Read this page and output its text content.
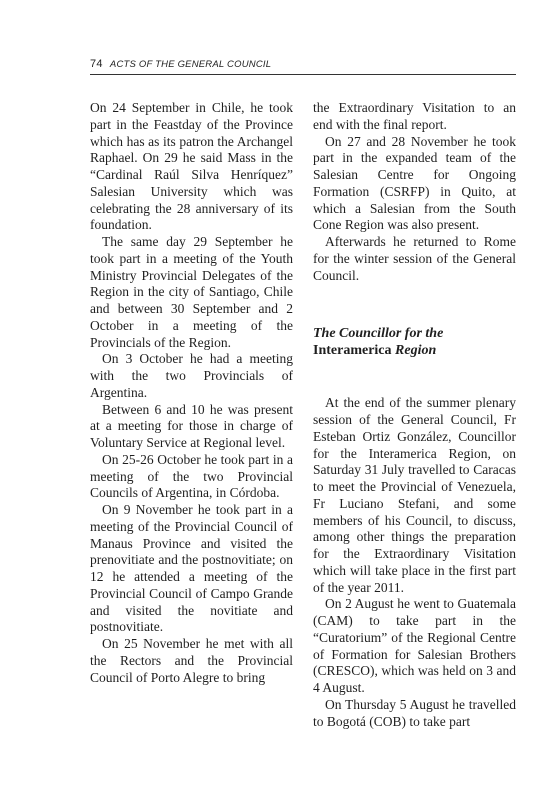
74 ACTS OF THE GENERAL COUNCIL

On 24 September in Chile, he took part in the Feastday of the Province which has as its patron the Archangel Raphael. On 29 he said Mass in the “Cardinal Raúl Silva Henríquez” Salesian University which was celebrating the 28 anniversary of its foundation.

The same day 29 September he took part in a meeting of the Youth Ministry Provincial Delegates of the Region in the city of Santiago, Chile and between 30 September and 2 October in a meeting of the Provincials of the Region.

On 3 October he had a meeting with the two Provincials of Argentina.

Between 6 and 10 he was present at a meeting for those in charge of Voluntary Service at Regional level.

On 25-26 October he took part in a meeting of the two Provincial Councils of Argentina, in Córdoba.

On 9 November he took part in a meeting of the Provincial Council of Manaus Province and visited the prenovitiate and the postnovitiate; on 12 he attended a meeting of the Provincial Council of Campo Grande and visited the novitiate and postnovitiate.

On 25 November he met with all the Rectors and the Provincial Council of Porto Alegre to bring

the Extraordinary Visitation to an end with the final report.

On 27 and 28 November he took part in the expanded team of the Salesian Centre for Ongoing Formation (CSRFP) in Quito, at which a Salesian from the South Cone Region was also present.

Afterwards he returned to Rome for the winter session of the General Council.

The Councillor for the
Interamerica Region

At the end of the summer plenary session of the General Council, Fr Esteban Ortiz González, Councillor for the Interamerica Region, on Saturday 31 July travelled to Caracas to meet the Provincial of Venezuela, Fr Luciano Stefani, and some members of his Council, to discuss, among other things the preparation for the Extraordinary Visitation which will take place in the first part of the year 2011.

On 2 August he went to Guatemala (CAM) to take part in the “Curatorium” of the Regional Centre of Formation for Salesian Brothers (CRESCO), which was held on 3 and 4 August.

On Thursday 5 August he travelled to Bogotá (COB) to take part
